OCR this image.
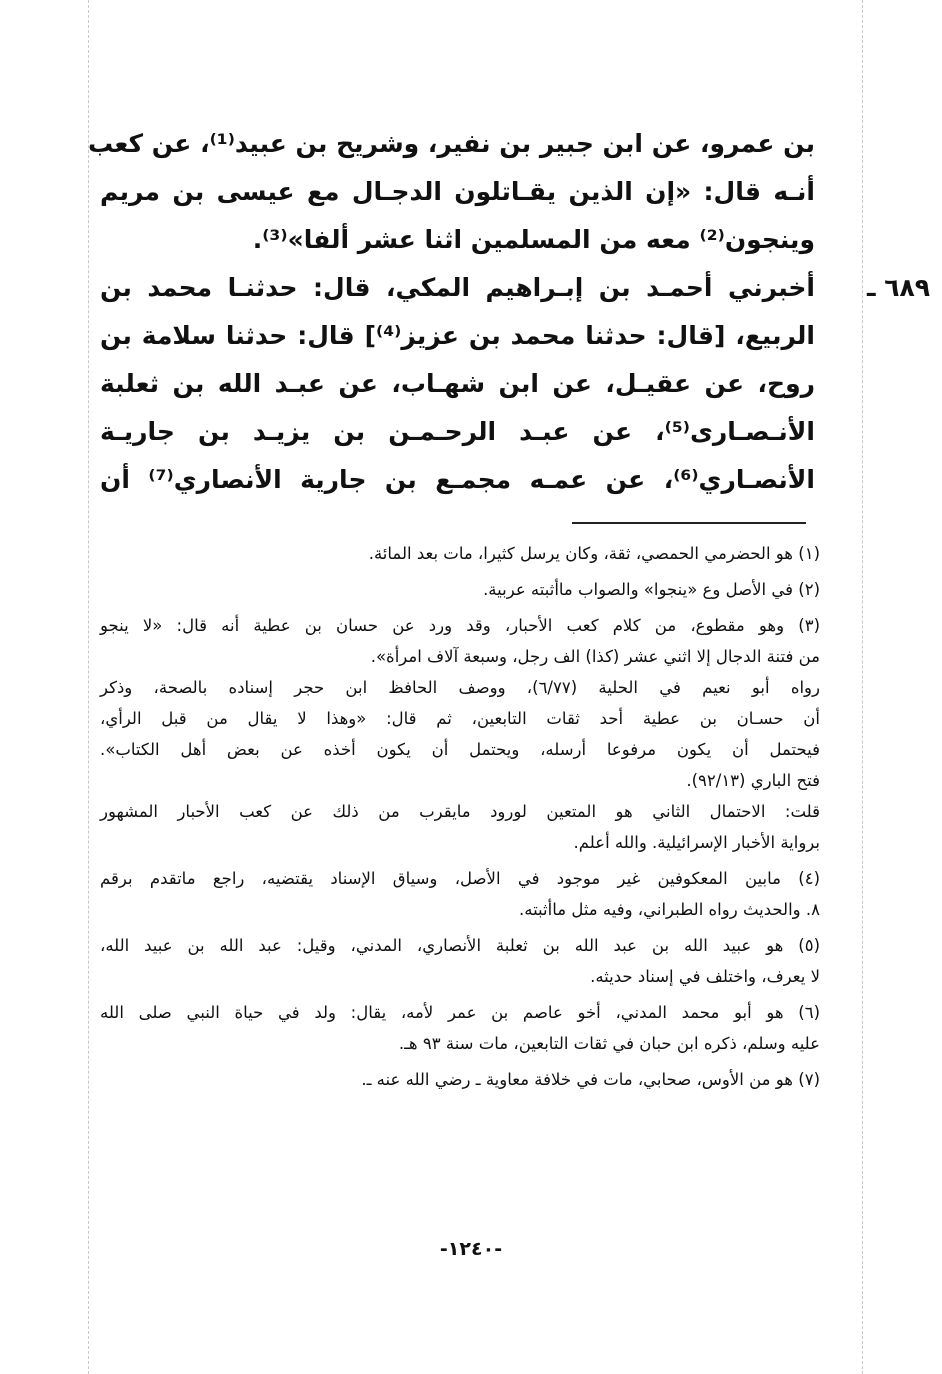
بن عمرو، عن ابن جبير بن نفير، وشريح بن عبيد⁽¹⁾، عن كعب
أنـه قال: «إن الذين يقـاتلون الدجـال مع عيسى بن مريم
وينجون⁽²⁾ معه من المسلمين اثنا عشر ألفا»⁽³⁾.
٦٨٩ ـ
أخبرني أحمـد بن إبـراهيم المكي، قال: حدثنـا محمد بن
الربيع، [قال: حدثنا محمد بن عزيز⁽⁴⁾] قال: حدثنا سلامة بن
روح، عن عقيـل، عن ابن شهـاب، عن عبـد الله بن ثعلبة
الأنـصـارى⁽⁵⁾، عن عبـد الرحـمـن بن يزيـد بن جاريـة
الأنصـاري⁽⁶⁾، عن عمـه مجمـع بن جارية الأنصاري⁽⁷⁾ أن
(١) هو الحضرمي الحمصي، ثقة، وكان يرسل كثيرا، مات بعد المائة.
(٢) في الأصل وع «ينجوا» والصواب ماأثبته عربية.
(٣) وهو مقطوع، من كلام كعب الأحبار، وقد ورد عن حسان بن عطية أنه قال: «لا ينجو
من فتنة الدجال إلا اثني عشر (كذا) الف رجل، وسبعة آلاف امرأة».
رواه أبو نعيم في الحلية (٦/٧٧)، ووصف الحافظ ابن حجر إسناده بالصحة، وذكر
أن حسـان بن عطية أحد ثقات التابعين، ثم قال: «وهذا لا يقال من قبل الرأي،
فيحتمل أن يكون مرفوعا أرسله، ويحتمل أن يكون أخذه عن بعض أهل الكتاب».
فتح الباري (٩٢/١٣).
قلت: الاحتمال الثاني هو المتعين لورود مايقرب من ذلك عن كعب الأحبار المشهور
برواية الأخبار الإسرائيلية. والله أعلم.
(٤) مابين المعكوفين غير موجود في الأصل، وسياق الإسناد يقتضيه، راجع ماتقدم برقم
٨. والحديث رواه الطبراني، وفيه مثل ماأثبته.
(٥) هو عبيد الله بن عبد الله بن ثعلبة الأنصاري، المدني، وقيل: عبد الله بن عبيد الله،
لا يعرف، واختلف في إسناد حديثه.
(٦) هو أبو محمد المدني، أخو عاصم بن عمر لأمه، يقال: ولد في حياة النبي صلى الله
عليه وسلم، ذكره ابن حبان في ثقات التابعين، مات سنة ٩٣ هـ.
(٧) هو من الأوس، صحابي، مات في خلافة معاوية ـ رضي الله عنه ـ.
-١٢٤٠-
